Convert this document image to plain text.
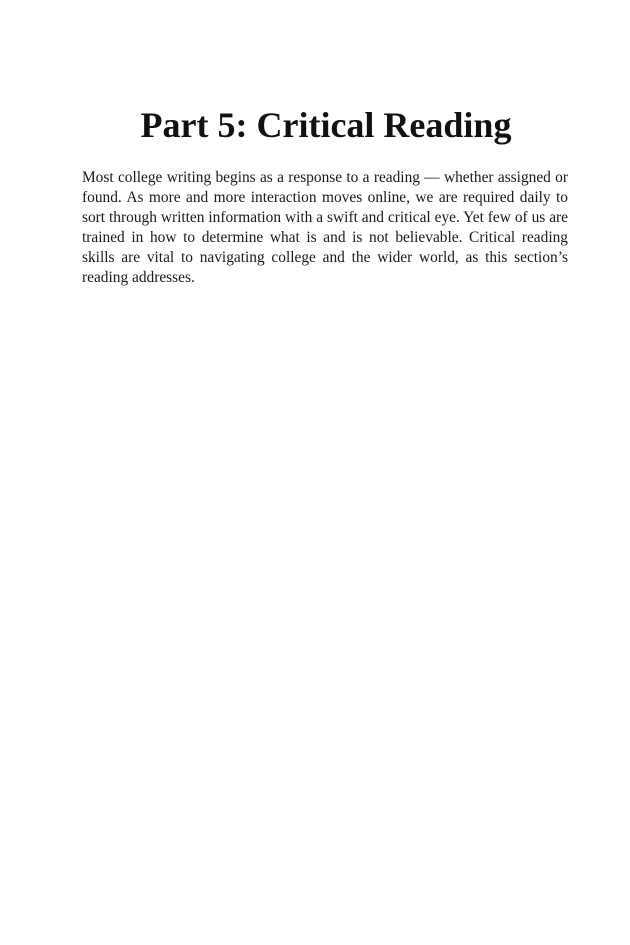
Part 5: Critical Reading

Most college writing begins as a response to a reading — whether assigned or found. As more and more interaction moves online, we are required daily to sort through written information with a swift and critical eye. Yet few of us are trained in how to determine what is and is not believable. Critical reading skills are vital to navigating college and the wider world, as this section’s reading addresses.
